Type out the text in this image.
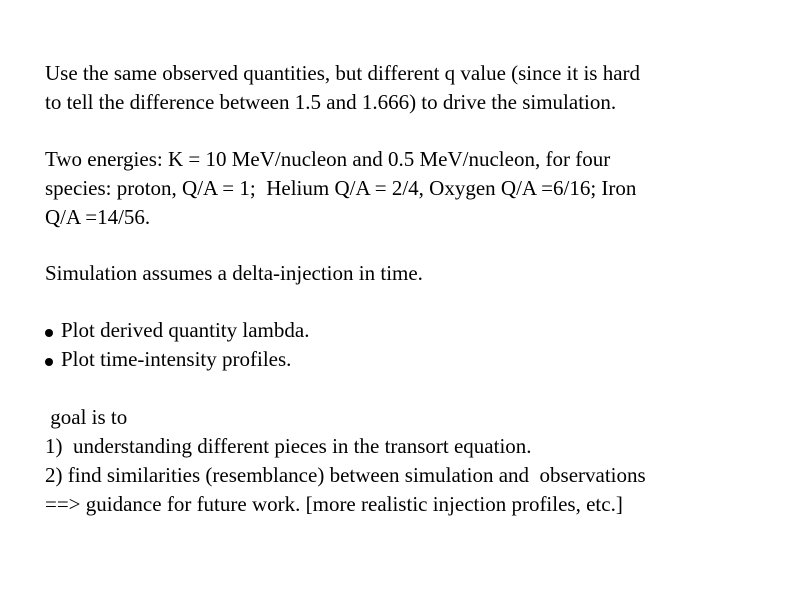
Use the same observed quantities, but different q value (since it is hard
to tell the difference between 1.5 and 1.666) to drive the simulation.
Two energies: K = 10 MeV/nucleon and 0.5 MeV/nucleon, for four
species: proton, Q/A = 1;  Helium Q/A = 2/4, Oxygen Q/A =6/16; Iron
Q/A =14/56.
Simulation assumes a delta-injection in time.
Plot derived quantity lambda.
Plot time-intensity profiles.
goal is to
1)  understanding different pieces in the transort equation.
2) find similarities (resemblance) between simulation and  observations
==> guidance for future work. [more realistic injection profiles, etc.]
